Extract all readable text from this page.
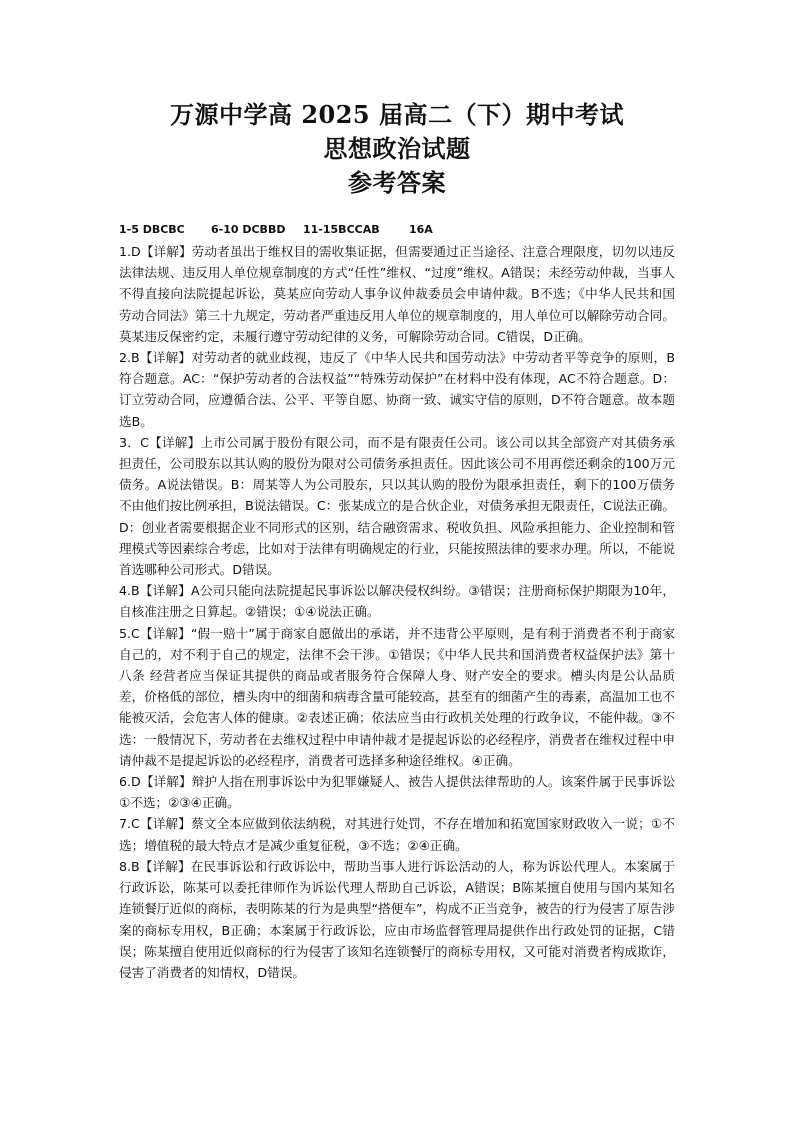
万源中学高 2025 届高二（下）期中考试
思想政治试题
参考答案
1-5 DBCBC 6-10 DCBBD 11-15BCCAB	16A

1.D【详解】劳动者虽出于维权目的需收集证据，但需要通过正当途径、注意合理限度，切勿以违反法律法规、违反用人单位规章制度的方式“任性”维权、“过度”维权。A错误；未经劳动仲裁，当事人不得直接向法院提起诉讼，莫某应向劳动人事争议仲裁委员会申请仲裁。B不选；《中华人民共和国劳动合同法》第三十九规定，劳动者严重违反用人单位的规章制度的，用人单位可以解除劳动合同。莫某违反保密约定，未履行遵守劳动纪律的义务，可解除劳动合同。C错误，D正确。

2.B【详解】对劳动者的就业歧视，违反了《中华人民共和国劳动法》中劳动者平等竞争的原则，B符合题意。AC：“保护劳动者的合法权益”“特殊劳动保护”在材料中没有体现，AC不符合题意。D：订立劳动合同，应遵循合法、公平、平等自愿、协商一致、诚实守信的原则，D不符合题意。故本题选B。

3．C【详解】上市公司属于股份有限公司，而不是有限责任公司。该公司以其全部资产对其债务承担责任，公司股东以其认购的股份为限对公司债务承担责任。因此该公司不用再偿还剩余的100万元债务。A说法错误。B：周某等人为公司股东，只以其认购的股份为限承担责任，剩下的100万债务不由他们按比例承担，B说法错误。C：张某成立的是合伙企业，对债务承担无限责任，C说法正确。D：创业者需要根据企业不同形式的区别，结合融资需求、税收负担、风险承担能力、企业控制和管理模式等因素综合考虑，比如对于法律有明确规定的行业，只能按照法律的要求办理。所以，不能说首选哪种公司形式。D错误。

4.B【详解】A公司只能向法院提起民事诉讼以解决侵权纠纷。③错误；注册商标保护期限为10年，自核准注册之日算起。②错误；①④说法正确。

5.C【详解】“假一赔十”属于商家自愿做出的承诺，并不违背公平原则，是有利于消费者不利于商家自己的，对不利于自己的规定，法律不会干涉。①错误；《中华人民共和国消费者权益保护法》第十八条 经营者应当保证其提供的商品或者服务符合保障人身、财产安全的要求。槽头肉是公认品质差，价格低的部位，槽头肉中的细菌和病毒含量可能较高，甚至有的细菌产生的毒素，高温加工也不能被灭活，会危害人体的健康。②表述正确；依法应当由行政机关处理的行政争议，不能仲裁。③不选：一般情况下，劳动者在去维权过程中申请仲裁才是提起诉讼的必经程序，消费者在维权过程中申请仲裁不是提起诉讼的必经程序，消费者可选择多种途径维权。④正确。

6.D【详解】辩护人指在刑事诉讼中为犯罪嫌疑人、被告人提供法律帮助的人。该案件属于民事诉讼①不选；②③④正确。

7.C【详解】蔡文全本应做到依法纳税，对其进行处罚，不存在增加和拓宽国家财政收入一说；①不选；增值税的最大特点才是减少重复征税，③不选；②④正确。

8.B【详解】在民事诉讼和行政诉讼中，帮助当事人进行诉讼活动的人，称为诉讼代理人。本案属于行政诉讼，陈某可以委托律师作为诉讼代理人帮助自己诉讼，A错误；B陈某擅自使用与国内某知名连锁餐厅近似的商标，表明陈某的行为是典型“搭便车”，构成不正当竞争，被告的行为侵害了原告涉案的商标专用权，B正确；本案属于行政诉讼，应由市场监督管理局提供作出行政处罚的证据，C错误；陈某擅自使用近似商标的行为侵害了该知名连锁餐厅的商标专用权，又可能对消费者构成欺诈，侵害了消费者的知情权，D错误。
